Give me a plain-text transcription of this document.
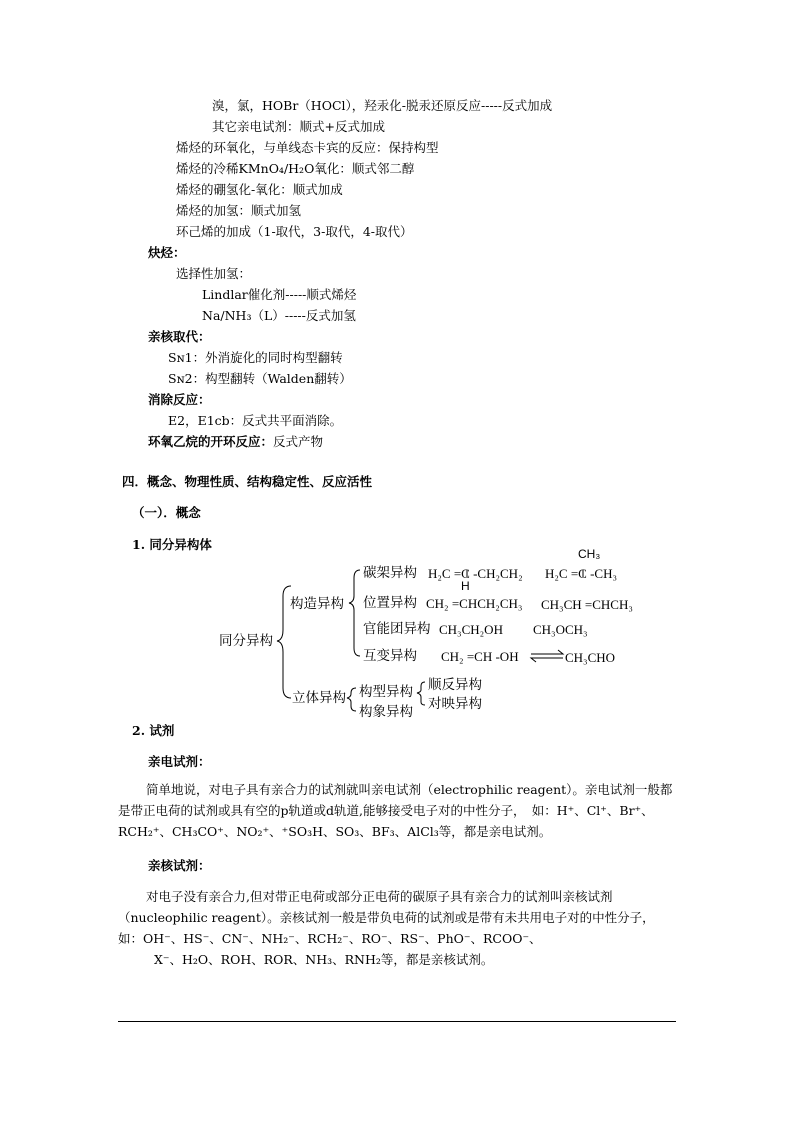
溴，氯，HOBr（HOCl），羟汞化-脱汞还原反应-----反式加成
其它亲电试剂：顺式+反式加成
烯烃的环氧化，与单线态卡宾的反应：保持构型
烯烃的冷稀KMnO₄/H₂O氧化：顺式邻二醇
烯烃的硼氢化-氧化：顺式加成
烯烃的加氢：顺式加氢
环己烯的加成（1-取代，3-取代，4-取代）
炔烃：
选择性加氢：
Lindlar催化剂-----顺式烯烃
Na/NH₃（L）-----反式加氢
亲核取代：
Sɴ1：外消旋化的同时构型翻转
Sɴ2：构型翻转（Walden翻转）
消除反应：
E2，E1cb：反式共平面消除。
环氧乙烷的开环反应：反式产物
四．概念、物理性质、结构稳定性、反应活性
（一）．概念
1. 同分异构体
同分异构
构造异构
立体异构
碳架异构
位置异构
官能团异构
互变异构
构型异构
构象异构
顺反异构
对映异构
H₂C =C -CH₂CH₂
H
H₂C =C -CH₃
CH₃
CH₂ =CHCH₂CH₃ CH₃CH =CHCH₃
CH₃CH₂OH CH₃OCH₃
CH₂ =CH -OH	CH₃CHO
2. 试剂
亲电试剂：
简单地说，对电子具有亲合力的试剂就叫亲电试剂（electrophilic reagent）。亲电试剂一般都是带正电荷的试剂或具有空的p轨道或d轨道,能够接受电子对的中性分子，　如：H⁺、Cl⁺、Br⁺、RCH₂⁺、CH₃CO⁺、NO₂⁺、⁺SO₃H、SO₃、BF₃、AlCl₃等，都是亲电试剂。
亲核试剂：
对电子没有亲合力,但对带正电荷或部分正电荷的碳原子具有亲合力的试剂叫亲核试剂（nucleophilic reagent）。亲核试剂一般是带负电荷的试剂或是带有未共用电子对的中性分子，如：OH⁻、HS⁻、CN⁻、NH₂⁻、RCH₂⁻、RO⁻、RS⁻、PhO⁻、RCOO⁻、
X⁻、H₂O、ROH、ROR、NH₃、RNH₂等，都是亲核试剂。
